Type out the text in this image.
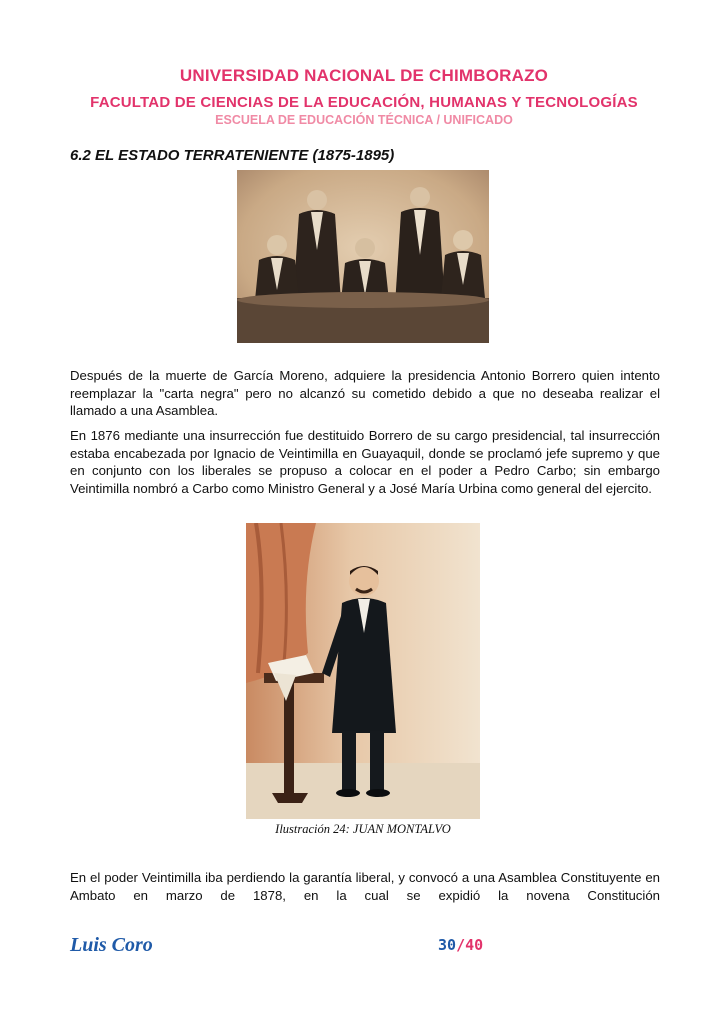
UNIVERSIDAD NACIONAL DE CHIMBORAZO
FACULTAD DE CIENCIAS DE LA EDUCACIÓN, HUMANAS Y TECNOLOGÍAS
ESCUELA DE EDUCACIÓN TÉCNICA / UNIFICADO
6.2 EL ESTADO TERRATENIENTE (1875-1895)

Después de la muerte de García Moreno, adquiere la presidencia Antonio Borrero quien intento reemplazar la "carta negra" pero no alcanzó su cometido debido a que no deseaba realizar el llamado a una Asamblea.

En 1876 mediante una insurrección fue destituido Borrero de su cargo presidencial, tal insurrección estaba encabezada por Ignacio de Veintimilla en Guayaquil, donde se proclamó jefe supremo y que en conjunto con los liberales se propuso a colocar en el poder a Pedro Carbo; sin embargo Veintimilla nombró a Carbo como Ministro General y a José María Urbina como general del ejercito.

Ilustración 24: JUAN MONTALVO

En el poder Veintimilla iba perdiendo la garantía liberal, y convocó a una Asamblea Constituyente en Ambato en marzo de 1878, en la cual se expidió la novena Constitución

Luis Coro	30/40
